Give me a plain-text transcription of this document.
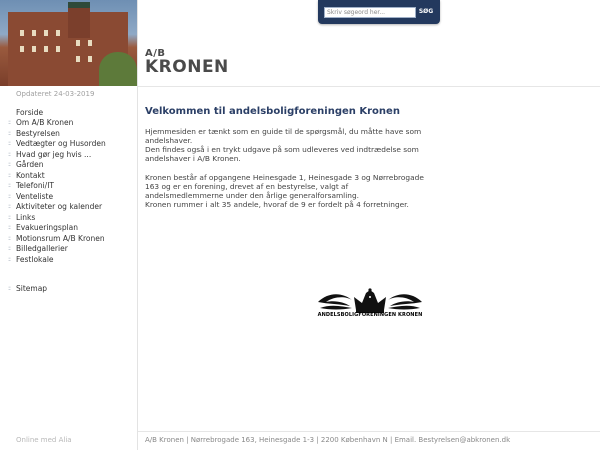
Opdateret 24-03-2019
Forside
:: Om A/B Kronen
:: Bestyrelsen
:: Vedtægter og Husorden
:: Hvad gør jeg hvis ...
:: Gården
:: Kontakt
:: Telefoni/IT
:: Venteliste
:: Aktiviteter og kalender
:: Links
:: Evakueringsplan
:: Motionsrum A/B Kronen
:: Billedgallerier
:: Festlokale
:: Sitemap
Online med Alia
Skriv søgeord her...
SØG
A/B
KRONEN
Velkommen til andelsboligforeningen Kronen

Hjemmesiden er tænkt som en guide til de spørgsmål, du måtte have som andelshaver.
Den findes også i en trykt udgave på som udleveres ved indtrædelse som andelshaver i A/B Kronen.

Kronen består af opgangene Heinesgade 1, Heinesgade 3 og Nørrebrogade 163 og er en forening, drevet af en bestyrelse, valgt af andelsmedlemmerne under den årlige generalforsamling.
Kronen rummer i alt 35 andele, hvoraf de 9 er fordelt på 4 forretninger.

ANDELSBOLIGFORENINGEN KRONEN
A/B Kronen | Nørrebrogade 163, Heinesgade 1-3 | 2200 København N | Email. Bestyrelsen@abkronen.dk
